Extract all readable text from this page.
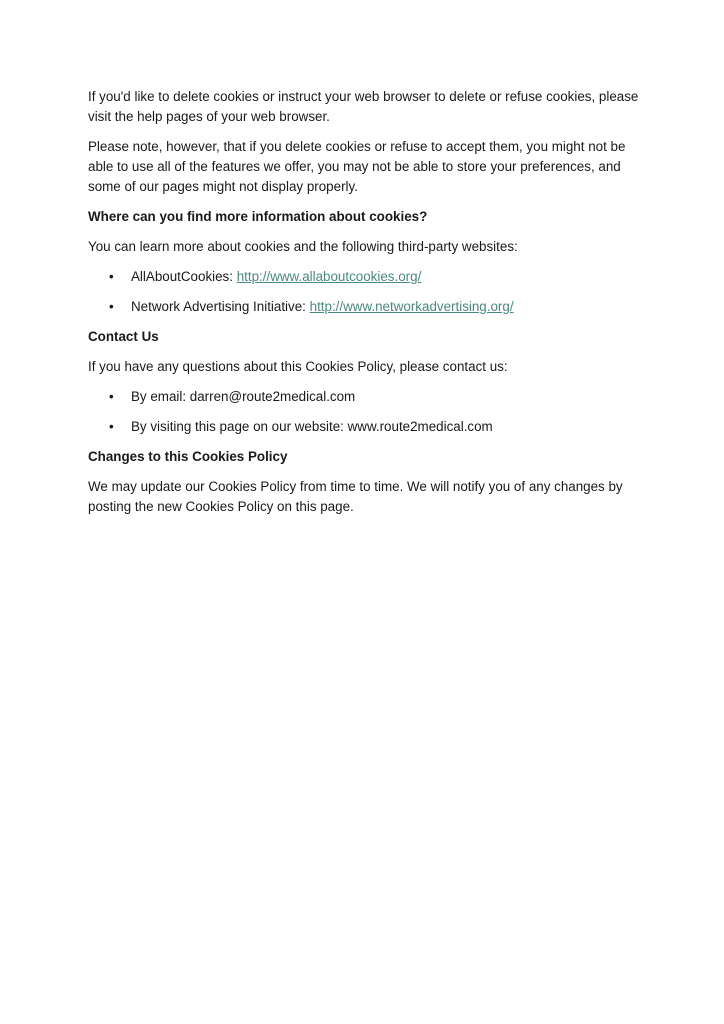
If you'd like to delete cookies or instruct your web browser to delete or refuse cookies, please visit the help pages of your web browser.

Please note, however, that if you delete cookies or refuse to accept them, you might not be able to use all of the features we offer, you may not be able to store your preferences, and some of our pages might not display properly.

Where can you find more information about cookies?

You can learn more about cookies and the following third-party websites:

• AllAboutCookies: http://www.allaboutcookies.org/
• Network Advertising Initiative: http://www.networkadvertising.org/

Contact Us

If you have any questions about this Cookies Policy, please contact us:

• By email: darren@route2medical.com
• By visiting this page on our website: www.route2medical.com

Changes to this Cookies Policy

We may update our Cookies Policy from time to time. We will notify you of any changes by posting the new Cookies Policy on this page.
